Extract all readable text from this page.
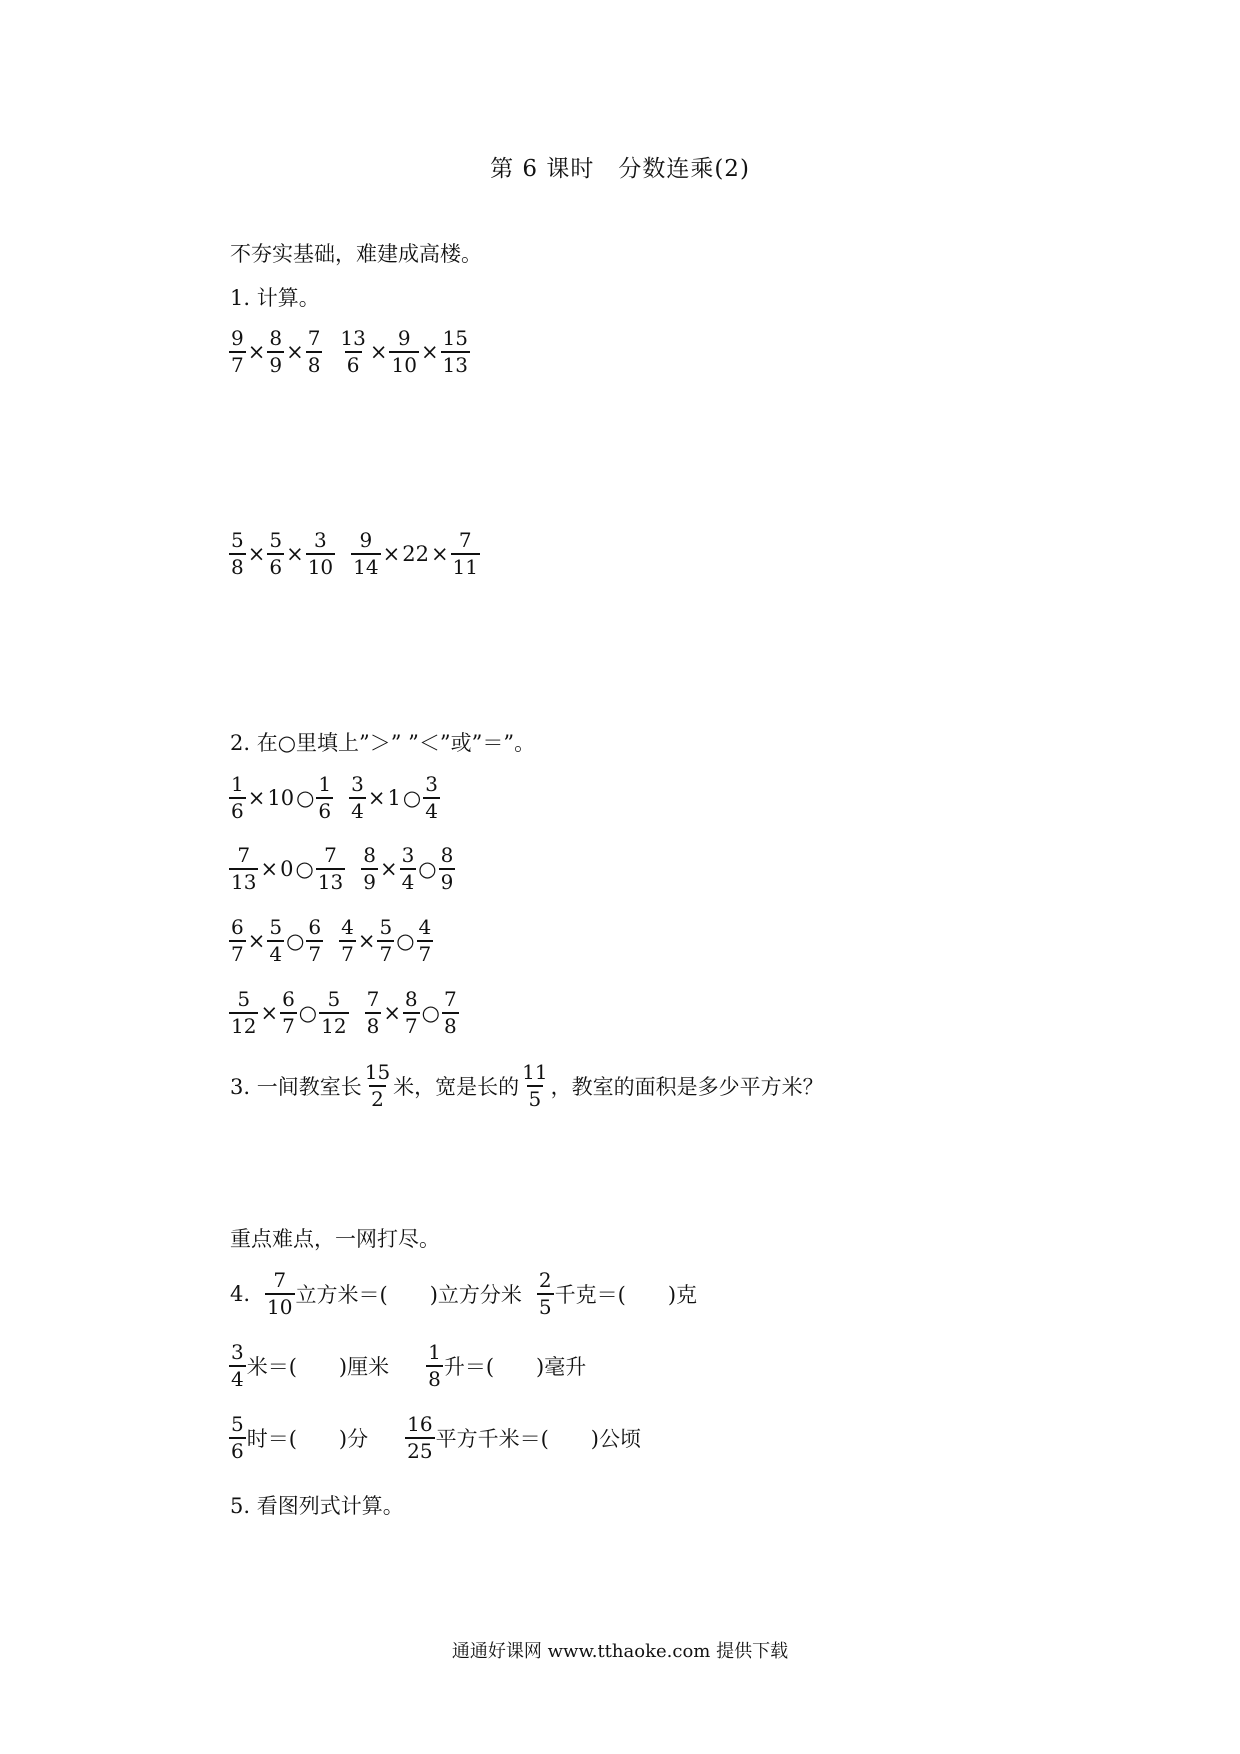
第 6 课时　分数连乘(2)
不夯实基础，难建成高楼。
1. 计算。
$\frac{9}{7} \times \frac{8}{9} \times \frac{7}{8} \frac{13}{6} \times \frac{9}{10} \times \frac{15}{13}$
$\frac{5}{8} \times \frac{5}{6} \times \frac{3}{10} \frac{9}{14} \times 22 \times \frac{7}{11}$
2. 在○里填上”＞” ”＜”或”＝”。
$\frac{1}{6} \times 10$ ○ $\frac{1}{6} \frac{3}{4} \times 1$ ○ $\frac{3}{4}$
$\frac{7}{13} \times 0$ ○ $\frac{7}{13} \frac{8}{9} \times \frac{3}{4}$ ○ $\frac{8}{9}$
$\frac{6}{7} \times \frac{5}{4}$ ○ $\frac{6}{7} \frac{4}{7} \times \frac{5}{7}$ ○ $\frac{4}{7}$
$\frac{5}{12} \times \frac{6}{7}$ ○ $\frac{5}{12} \frac{7}{8} \times \frac{8}{7}$ ○ $\frac{7}{8}$
3. 一间教室长 $\frac{15}{2}$ 米，宽是长的 $\frac{11}{5}$ ，教室的面积是多少平方米？
重点难点，一网打尽。
4. $\frac{7}{10}$ 立方米＝(　　)立方分米 $\frac{2}{5}$ 千克＝(　　)克
$\frac{3}{4}$ 米＝(　　)厘米 $\frac{1}{8}$ 升＝(　　)毫升
$\frac{5}{6}$ 时＝(　　)分 $\frac{16}{25}$ 平方千米＝(　　)公顷
5. 看图列式计算。
通通好课网 www.tthaoke.com 提供下载
